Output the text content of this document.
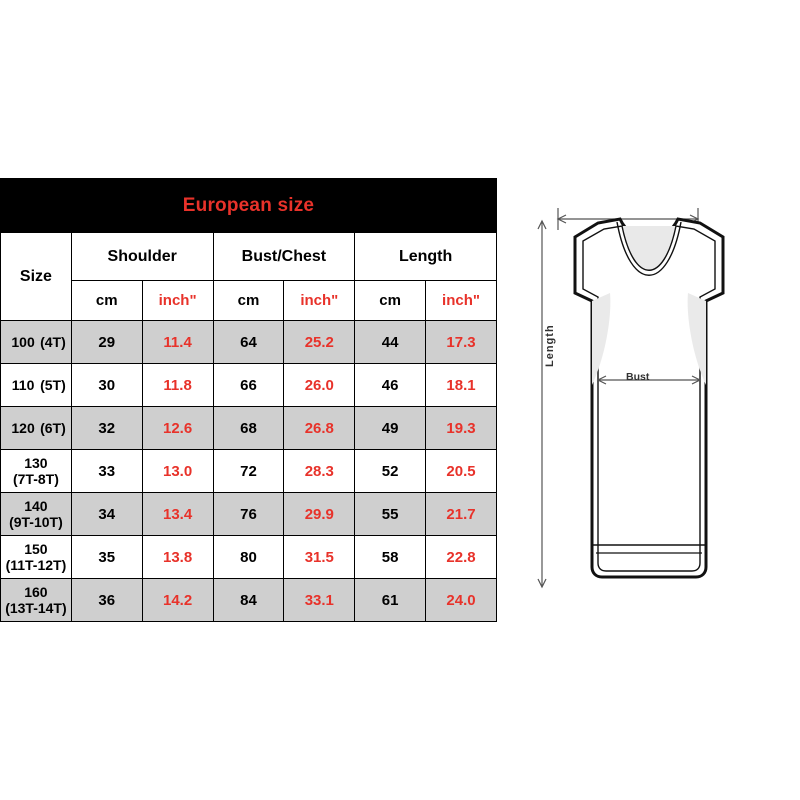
European size						
Size	Shoulder		Bust/Chest		Length	
	cm	inch"	cm	inch"	cm	inch"
100 (4T)	29	11.4	64	25.2	44	17.3
110 (5T)	30	11.8	66	26.0	46	18.1
120 (6T)	32	12.6	68	26.8	49	19.3
130(7T-8T)	33	13.0	72	28.3	52	20.5
140(9T-10T)	34	13.4	76	29.9	55	21.7
150(11T-12T)	35	13.8	80	31.5	58	22.8
160(13T-14T)	36	14.2	84	33.1	61	24.0
Length
Bust
